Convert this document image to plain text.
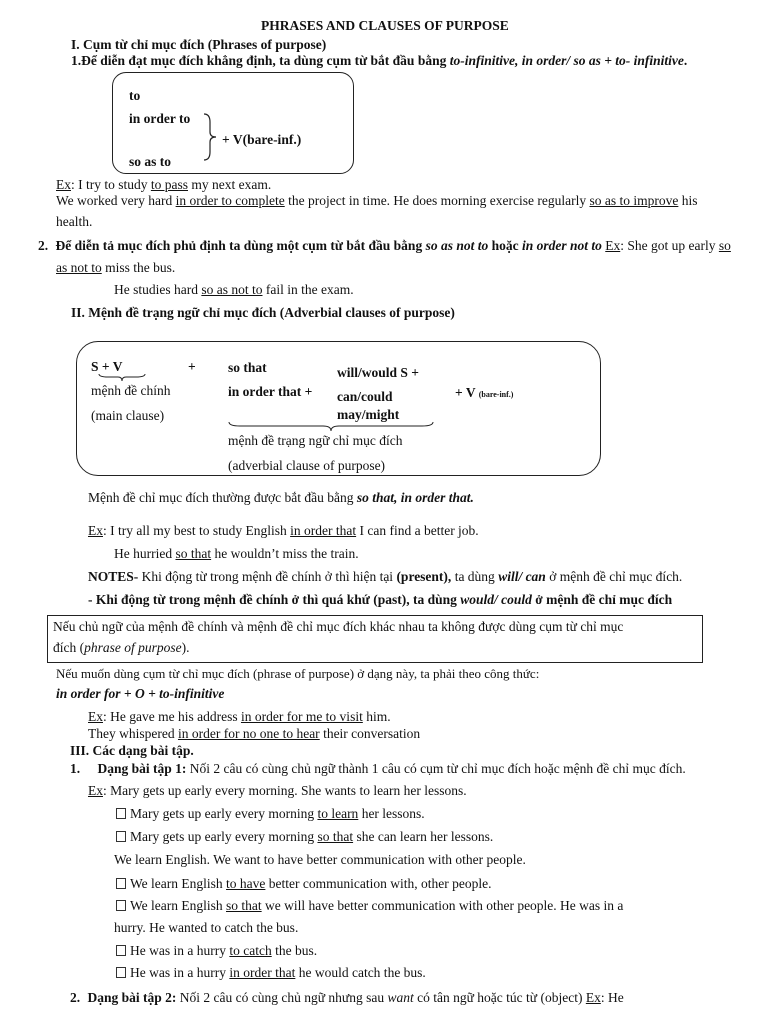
PHRASES AND CLAUSES OF PURPOSE
I. Cụm từ chỉ mục đích (Phrases of purpose)
1.Để diễn đạt mục đích khẳng định, ta dùng cụm từ bắt đầu bằng to-infinitive, in order/ so as + to- infinitive.
to
in order to
so as to
+ V(bare-inf.)
Ex: I try to study to pass my next exam.
We worked very hard in order to complete the project in time. He does morning exercise regularly so as to improve his
health.
2. Để diễn tả mục đích phủ định ta dùng một cụm từ bắt đầu bằng so as not to hoặc in order not to Ex: She got up early so
as not to miss the bus.
He studies hard so as not to fail in the exam.
II. Mệnh đề trạng ngữ chỉ mục đích (Adverbial clauses of purpose)
S + V	+
mệnh đề chính
(main clause)
so that
in order that +
will/would S +
can/could
may/might
+ V (bare-inf.)
mệnh đề trạng ngữ chỉ mục đích
(adverbial clause of purpose)
Mệnh đề chỉ mục đích thường được bắt đầu bằng so that, in order that.
Ex: I try all my best to study English in order that I can find a better job.
He hurried so that he wouldn’t miss the train.
NOTES- Khi động từ trong mệnh đề chính ở thì hiện tại (present), ta dùng will/ can ở mệnh đề chỉ mục đích.
- Khi động từ trong mệnh đề chính ở thì quá khứ (past), ta dùng would/ could ở mệnh đề chỉ mục đích
Nếu chủ ngữ của mệnh đề chính và mệnh đề chỉ mục đích khác nhau ta không được dùng cụm từ chỉ mục
đích (phrase of purpose).
Nếu muốn dùng cụm từ chỉ mục đích (phrase of purpose) ở dạng này, ta phải theo công thức:
in order for + O + to-infinitive
Ex: He gave me his address in order for me to visit him.
They whispered in order for no one to hear their conversation
III. Các dạng bài tập.
1. Dạng bài tập 1: Nối 2 câu có cùng chủ ngữ thành 1 câu có cụm từ chỉ mục đích hoặc mệnh đề chỉ mục đích.
Ex: Mary gets up early every morning. She wants to learn her lessons.
Mary gets up early every morning to learn her lessons.
Mary gets up early every morning so that she can learn her lessons.
We learn English. We want to have better communication with other people.
We learn English to have better communication with, other people.
We learn English so that we will have better communication with other people. He was in a
hurry. He wanted to catch the bus.
He was in a hurry to catch the bus.
He was in a hurry in order that he would catch the bus.
2. Dạng bài tập 2: Nối 2 câu có cùng chủ ngữ nhưng sau want có tân ngữ hoặc túc từ (object) Ex: He
